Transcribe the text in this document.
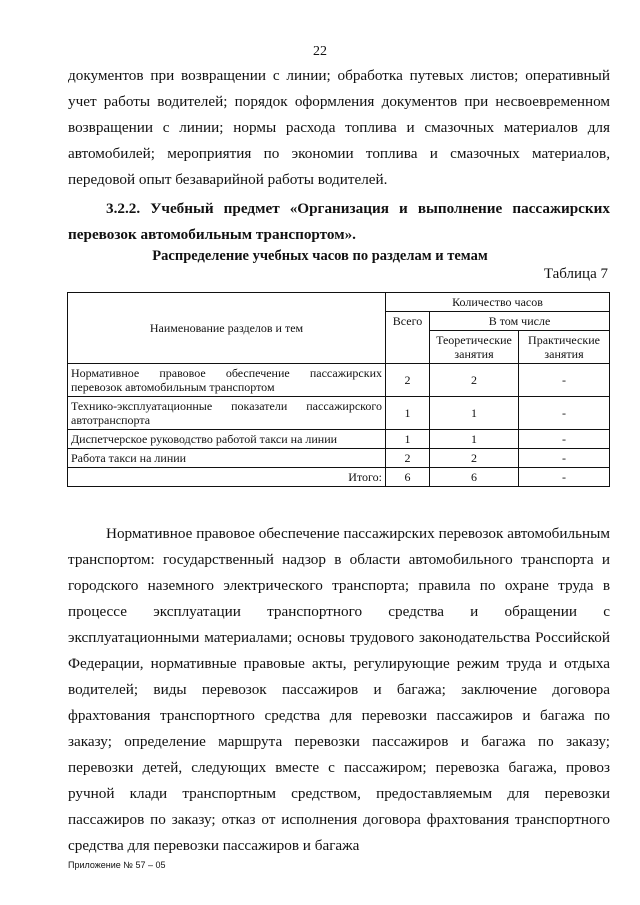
22
документов при возвращении с линии; обработка путевых листов; оперативный учет работы водителей; порядок оформления документов при несвоевременном возвращении с линии; нормы расхода топлива и смазочных материалов для автомобилей; мероприятия по экономии топлива и смазочных материалов, передовой опыт безаварийной работы водителей.
3.2.2. Учебный предмет «Организация и выполнение пассажирских перевозок автомобильным транспортом».
Распределение учебных часов по разделам и темам
Таблица 7
Наименование разделов и тем	Количество часов		
	Всего	В том числе	
		Теоретические занятия	Практические занятия
Нормативное правовое обеспечение пассажирских перевозок автомобильным транспортом	2	2	-
Технико-эксплуатационные показатели пассажирского автотранспорта	1	1	-
Диспетчерское руководство работой такси на линии	1	1	-
Работа такси на линии	2	2	-
Итого:	6	6	-
Нормативное правовое обеспечение пассажирских перевозок автомобильным транспортом: государственный надзор в области автомобильного транспорта и городского наземного электрического транспорта; правила по охране труда в процессе эксплуатации транспортного средства и обращении с эксплуатационными материалами; основы трудового законодательства Российской Федерации, нормативные правовые акты, регулирующие режим труда и отдыха водителей; виды перевозок пассажиров и багажа; заключение договора фрахтования транспортного средства для перевозки пассажиров и багажа по заказу; определение маршрута перевозки пассажиров и багажа по заказу; перевозки детей, следующих вместе с пассажиром; перевозка багажа, провоз ручной клади транспортным средством, предоставляемым для перевозки пассажиров по заказу; отказ от исполнения договора фрахтования транспортного средства для перевозки пассажиров и багажа
Приложение № 57 – 05
